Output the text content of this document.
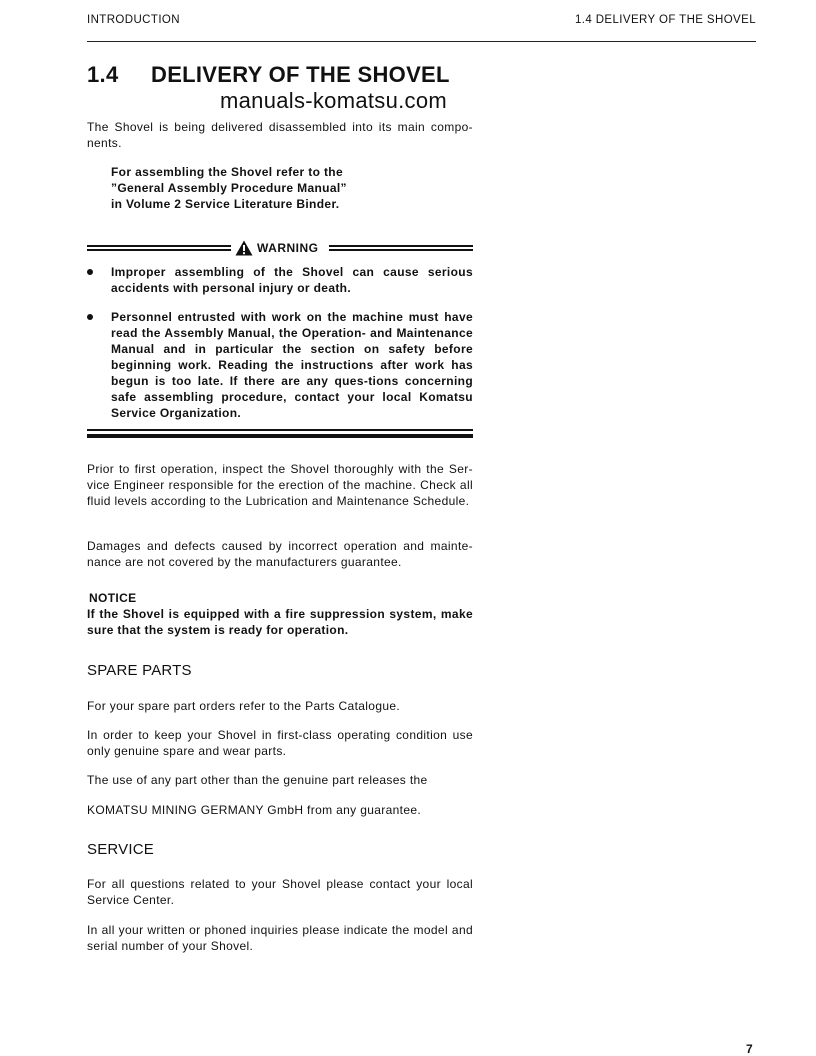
INTRODUCTION	1.4 DELIVERY OF THE SHOVEL
1.4 DELIVERY OF THE SHOVEL
manuals-komatsu.com
The Shovel is being delivered disassembled into its main compo-nents.
For assembling the Shovel refer to the
”General Assembly Procedure Manual”
in Volume 2 Service Literature Binder.
WARNING
Improper assembling of the Shovel can cause serious accidents with personal injury or death.
Personnel entrusted with work on the machine must have read the Assembly Manual, the Operation- and Maintenance Manual and in particular the section on safety before beginning work. Reading the instructions after work has begun is too late. If there are any ques-tions concerning safe assembling procedure, contact your local Komatsu Service Organization.
Prior to first operation, inspect the Shovel thoroughly with the Ser-vice Engineer responsible for the erection of the machine. Check all fluid levels according to the Lubrication and Maintenance Schedule.
Damages and defects caused by incorrect operation and mainte-nance are not covered by the manufacturers guarantee.
NOTICE
If the Shovel is equipped with a fire suppression system, make sure that the system is ready for operation.
SPARE PARTS
For your spare part orders refer to the Parts Catalogue.
In order to keep your Shovel in first-class operating condition use only genuine spare and wear parts.
The use of any part other than the genuine part releases the
KOMATSU MINING GERMANY GmbH from any guarantee.
SERVICE
For all questions related to your Shovel please contact your local Service Center.
In all your written or phoned inquiries please indicate the model and serial number of your Shovel.
7
